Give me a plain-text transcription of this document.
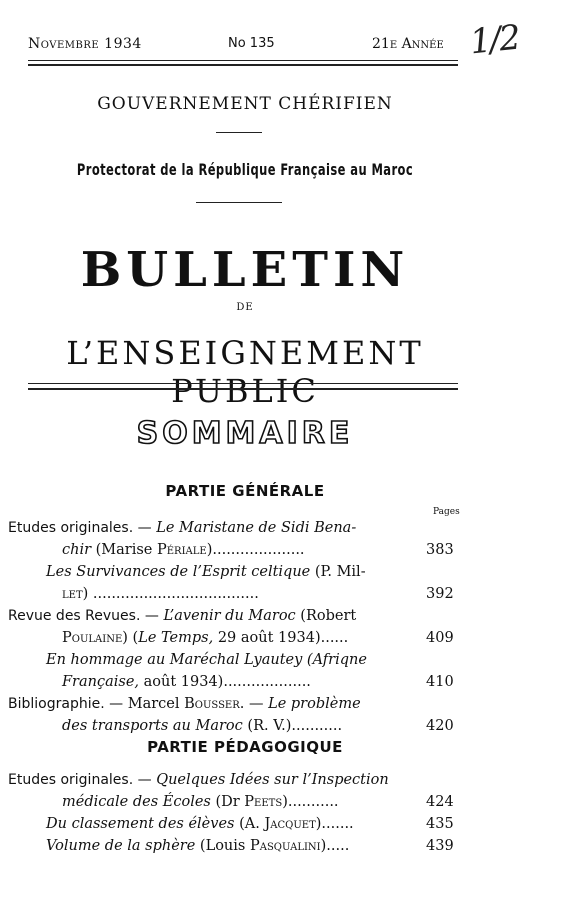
Novembre 1934	No 135	21e Année 1/2
GOUVERNEMENT CHÉRIFIEN
Protectorat de la République Française au Maroc
BULLETIN
DE
L’ENSEIGNEMENT PUBLIC
SOMMAIRE
PARTIE GÉNÉRALE
Pages
Etudes originales. — Le Maristane de Sidi Bena-
chir (Marise Périale)....................	383
Les Survivances de l’Esprit celtique (P. Mil-
let) ....................................	392
Revue des Revues. — L’avenir du Maroc (Robert
Poulaine) (Le Temps, 29 août 1934)......	409
En hommage au Maréchal Lyautey (Afriqne
Française, août 1934)...................	410
Bibliographie. — Marcel Bousser. — Le problème
des transports au Maroc (R. V.)...........	420
PARTIE PÉDAGOGIQUE
Etudes originales. — Quelques Idées sur l’Inspection
médicale des Écoles (Dr Peets)...........	424
Du classement des élèves (A. Jacquet).......	435
Volume de la sphère (Louis Pasqualini).....	439
